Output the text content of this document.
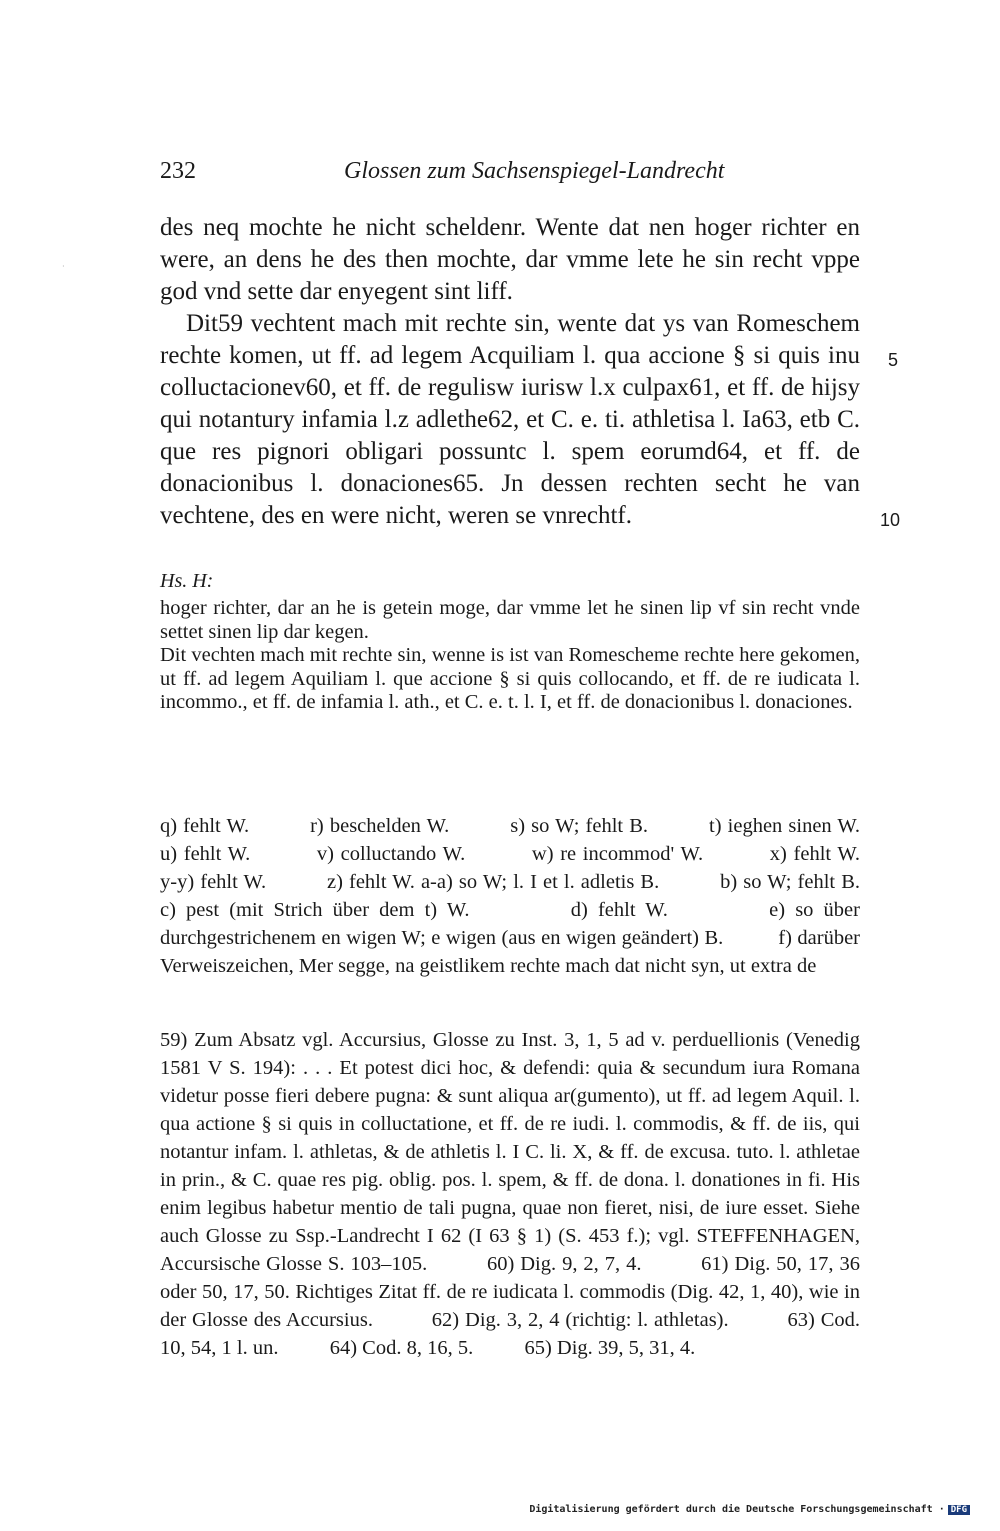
232	Glossen zum Sachsenspiegel-Landrecht
·

des neq mochte he nicht scheldenr. Wente dat nen hoger richter en were, an dens he des then mochte, dar vmme lete he sin recht vppe god vnd sette dar enyegent sint liff.

Dit59 vechtent mach mit rechte sin, wente dat ys van Romeschem rechte komen, ut ff. ad legem Acquiliam l. qua accione § si quis inu colluctacionev60, et ff. de regulisw iurisw l.x culpax61, et ff. de hijsy qui notantury infamia l.z adlethe62, et C. e. ti. athletisa l. Ia63, etb C. que res pignori obligari possuntc l. spem eorumd64, et ff. de donacionibus l. donaciones65. Jn dessen rechten secht he van vechtene, des en were nicht, weren se vnrechtf.

5
10
Hs. H:

hoger richter, dar an he is getein moge, dar vmme let he sinen lip vf sin recht vnde settet sinen lip dar kegen.

Dit vechten mach mit rechte sin, wenne is ist van Romescheme rechte here gekomen, ut ff. ad legem Aquiliam l. que accione § si quis collocando, et ff. de re iudicata l. incommo., et ff. de infamia l. ath., et C. e. t. l. I, et ff. de donacionibus l. donaciones.

q) fehlt W.          r) beschelden W.          s) so W; fehlt B.          t) ieghen sinen W.          u) fehlt W.          v) colluctando W.          w) re incommod' W.          x) fehlt W.          y-y) fehlt W.          z) fehlt W. a-a) so W; l. I et l. adletis B.          b) so W; fehlt B.          c) pest (mit Strich über dem t) W.          d) fehlt W.          e) so über durchgestrichenem en wigen W; e wigen (aus en wigen geändert) B.          f) darüber Verweiszeichen, Mer segge, na geistlikem rechte mach dat nicht syn, ut extra de

59) Zum Absatz vgl. Accursius, Glosse zu Inst. 3, 1, 5 ad v. perduellionis (Venedig 1581 V S. 194): . . . Et potest dici hoc, & defendi: quia & secundum iura Romana videtur posse fieri debere pugna: & sunt aliqua ar(gumento), ut ff. ad legem Aquil. l. qua actione § si quis in colluctatione, et ff. de re iudi. l. commodis, & ff. de iis, qui notantur infam. l. athletas, & de athletis l. I C. li. X, & ff. de excusa. tuto. l. athletae in prin., & C. quae res pig. oblig. pos. l. spem, & ff. de dona. l. donationes in fi. His enim legibus habetur mentio de tali pugna, quae non fieret, nisi, de iure esset. Siehe auch Glosse zu Ssp.-Landrecht I 62 (I 63 § 1) (S. 453 f.); vgl. STEFFENHAGEN, Accursische Glosse S. 103–105.          60) Dig. 9, 2, 7, 4.          61) Dig. 50, 17, 36 oder 50, 17, 50. Richtiges Zitat ff. de re iudicata l. commodis (Dig. 42, 1, 40), wie in der Glosse des Accursius.          62) Dig. 3, 2, 4 (richtig: l. athletas).          63) Cod. 10, 54, 1 l. un.          64) Cod. 8, 16, 5.          65) Dig. 39, 5, 31, 4.

Digitalisierung gefördert durch die Deutsche Forschungsgemeinschaft · DFG
